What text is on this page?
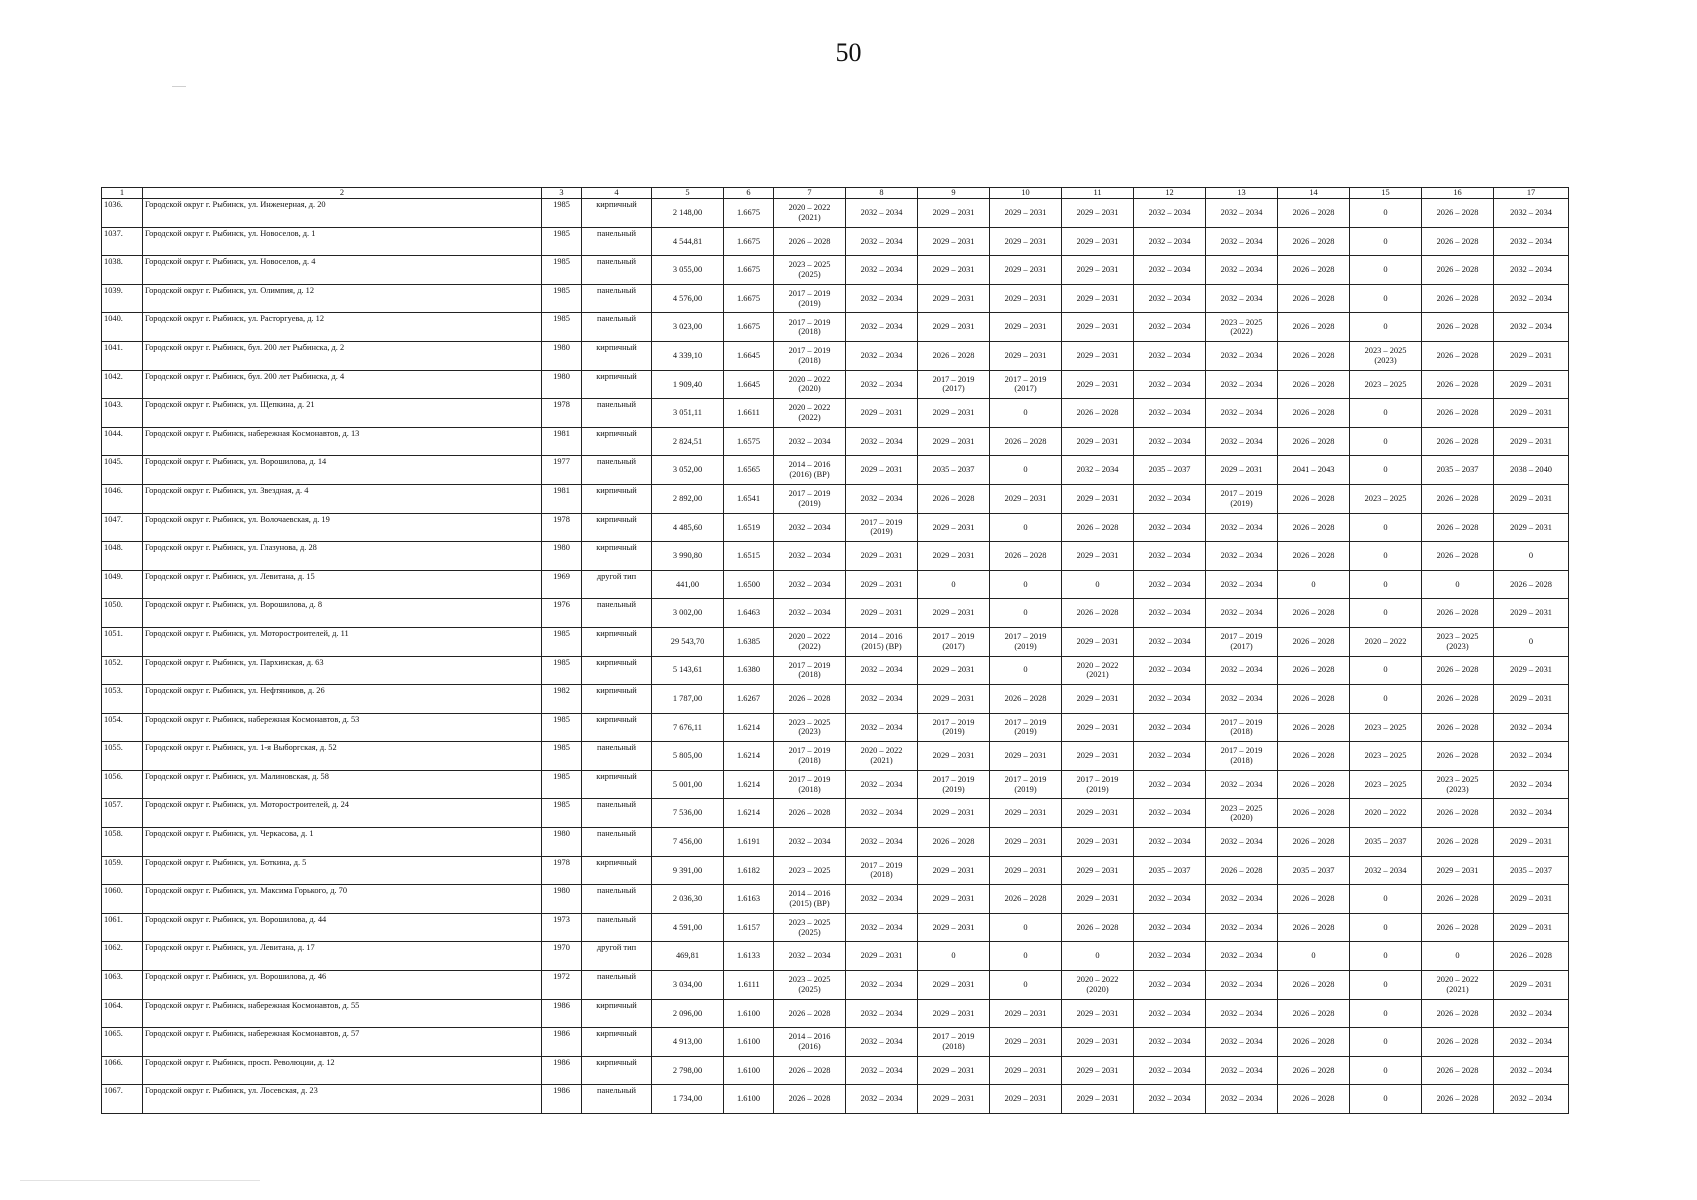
50
1	2	3	4	5	6	7	8	9	10	11	12	13	14	15	16	17
1036.	Городской округ г. Рыбинск, ул. Инженерная, д. 20	1985	кирпичный	2 148,00	1.6675	2020 – 2022
(2021)	2032 – 2034	2029 – 2031	2029 – 2031	2029 – 2031	2032 – 2034	2032 – 2034	2026 – 2028	0	2026 – 2028	2032 – 2034
1037.	Городской округ г. Рыбинск, ул. Новоселов, д. 1	1985	панельный	4 544,81	1.6675	2026 – 2028	2032 – 2034	2029 – 2031	2029 – 2031	2029 – 2031	2032 – 2034	2032 – 2034	2026 – 2028	0	2026 – 2028	2032 – 2034
1038.	Городской округ г. Рыбинск, ул. Новоселов, д. 4	1985	панельный	3 055,00	1.6675	2023 – 2025
(2025)	2032 – 2034	2029 – 2031	2029 – 2031	2029 – 2031	2032 – 2034	2032 – 2034	2026 – 2028	0	2026 – 2028	2032 – 2034
1039.	Городской округ г. Рыбинск, ул. Олимпия, д. 12	1985	панельный	4 576,00	1.6675	2017 – 2019
(2019)	2032 – 2034	2029 – 2031	2029 – 2031	2029 – 2031	2032 – 2034	2032 – 2034	2026 – 2028	0	2026 – 2028	2032 – 2034
1040.	Городской округ г. Рыбинск, ул. Расторгуева, д. 12	1985	панельный	3 023,00	1.6675	2017 – 2019
(2018)	2032 – 2034	2029 – 2031	2029 – 2031	2029 – 2031	2032 – 2034	2023 – 2025
(2022)	2026 – 2028	0	2026 – 2028	2032 – 2034
1041.	Городской округ г. Рыбинск, бул. 200 лет Рыбинска, д. 2	1980	кирпичный	4 339,10	1.6645	2017 – 2019
(2018)	2032 – 2034	2026 – 2028	2029 – 2031	2029 – 2031	2032 – 2034	2032 – 2034	2026 – 2028	2023 – 2025
(2023)	2026 – 2028	2029 – 2031
1042.	Городской округ г. Рыбинск, бул. 200 лет Рыбинска, д. 4	1980	кирпичный	1 909,40	1.6645	2020 – 2022
(2020)	2032 – 2034	2017 – 2019
(2017)	2017 – 2019
(2017)	2029 – 2031	2032 – 2034	2032 – 2034	2026 – 2028	2023 – 2025	2026 – 2028	2029 – 2031
1043.	Городской округ г. Рыбинск, ул. Щепкина, д. 21	1978	панельный	3 051,11	1.6611	2020 – 2022
(2022)	2029 – 2031	2029 – 2031	0	2026 – 2028	2032 – 2034	2032 – 2034	2026 – 2028	0	2026 – 2028	2029 – 2031
1044.	Городской округ г. Рыбинск, набережная Космонавтов, д. 13	1981	кирпичный	2 824,51	1.6575	2032 – 2034	2032 – 2034	2029 – 2031	2026 – 2028	2029 – 2031	2032 – 2034	2032 – 2034	2026 – 2028	0	2026 – 2028	2029 – 2031
1045.	Городской округ г. Рыбинск, ул. Ворошилова, д. 14	1977	панельный	3 052,00	1.6565	2014 – 2016
(2016) (ВР)	2029 – 2031	2035 – 2037	0	2032 – 2034	2035 – 2037	2029 – 2031	2041 – 2043	0	2035 – 2037	2038 – 2040
1046.	Городской округ г. Рыбинск, ул. Звездная, д. 4	1981	кирпичный	2 892,00	1.6541	2017 – 2019
(2019)	2032 – 2034	2026 – 2028	2029 – 2031	2029 – 2031	2032 – 2034	2017 – 2019
(2019)	2026 – 2028	2023 – 2025	2026 – 2028	2029 – 2031
1047.	Городской округ г. Рыбинск, ул. Волочаевская, д. 19	1978	кирпичный	4 485,60	1.6519	2032 – 2034	2017 – 2019
(2019)	2029 – 2031	0	2026 – 2028	2032 – 2034	2032 – 2034	2026 – 2028	0	2026 – 2028	2029 – 2031
1048.	Городской округ г. Рыбинск, ул. Глазунова, д. 28	1980	кирпичный	3 990,80	1.6515	2032 – 2034	2029 – 2031	2029 – 2031	2026 – 2028	2029 – 2031	2032 – 2034	2032 – 2034	2026 – 2028	0	2026 – 2028	0
1049.	Городской округ г. Рыбинск, ул. Левитана, д. 15	1969	другой тип	441,00	1.6500	2032 – 2034	2029 – 2031	0	0	0	2032 – 2034	2032 – 2034	0	0	0	2026 – 2028
1050.	Городской округ г. Рыбинск, ул. Ворошилова, д. 8	1976	панельный	3 002,00	1.6463	2032 – 2034	2029 – 2031	2029 – 2031	0	2026 – 2028	2032 – 2034	2032 – 2034	2026 – 2028	0	2026 – 2028	2029 – 2031
1051.	Городской округ г. Рыбинск, ул. Моторостроителей, д. 11	1985	кирпичный	29 543,70	1.6385	2020 – 2022
(2022)	2014 – 2016
(2015) (ВР)	2017 – 2019
(2017)	2017 – 2019
(2019)	2029 – 2031	2032 – 2034	2017 – 2019
(2017)	2026 – 2028	2020 – 2022	2023 – 2025
(2023)	0
1052.	Городской округ г. Рыбинск, ул. Пархинская, д. 63	1985	кирпичный	5 143,61	1.6380	2017 – 2019
(2018)	2032 – 2034	2029 – 2031	0	2020 – 2022
(2021)	2032 – 2034	2032 – 2034	2026 – 2028	0	2026 – 2028	2029 – 2031
1053.	Городской округ г. Рыбинск, ул. Нефтяников, д. 26	1982	кирпичный	1 787,00	1.6267	2026 – 2028	2032 – 2034	2029 – 2031	2026 – 2028	2029 – 2031	2032 – 2034	2032 – 2034	2026 – 2028	0	2026 – 2028	2029 – 2031
1054.	Городской округ г. Рыбинск, набережная Космонавтов, д. 53	1985	кирпичный	7 676,11	1.6214	2023 – 2025
(2023)	2032 – 2034	2017 – 2019
(2019)	2017 – 2019
(2019)	2029 – 2031	2032 – 2034	2017 – 2019
(2018)	2026 – 2028	2023 – 2025	2026 – 2028	2032 – 2034
1055.	Городской округ г. Рыбинск, ул. 1-я Выборгская, д. 52	1985	панельный	5 805,00	1.6214	2017 – 2019
(2018)	2020 – 2022
(2021)	2029 – 2031	2029 – 2031	2029 – 2031	2032 – 2034	2017 – 2019
(2018)	2026 – 2028	2023 – 2025	2026 – 2028	2032 – 2034
1056.	Городской округ г. Рыбинск, ул. Малиновская, д. 58	1985	кирпичный	5 001,00	1.6214	2017 – 2019
(2018)	2032 – 2034	2017 – 2019
(2019)	2017 – 2019
(2019)	2017 – 2019
(2019)	2032 – 2034	2032 – 2034	2026 – 2028	2023 – 2025	2023 – 2025
(2023)	2032 – 2034
1057.	Городской округ г. Рыбинск, ул. Моторостроителей, д. 24	1985	панельный	7 536,00	1.6214	2026 – 2028	2032 – 2034	2029 – 2031	2029 – 2031	2029 – 2031	2032 – 2034	2023 – 2025
(2020)	2026 – 2028	2020 – 2022	2026 – 2028	2032 – 2034
1058.	Городской округ г. Рыбинск, ул. Черкасова, д. 1	1980	панельный	7 456,00	1.6191	2032 – 2034	2032 – 2034	2026 – 2028	2029 – 2031	2029 – 2031	2032 – 2034	2032 – 2034	2026 – 2028	2035 – 2037	2026 – 2028	2029 – 2031
1059.	Городской округ г. Рыбинск, ул. Боткина, д. 5	1978	кирпичный	9 391,00	1.6182	2023 – 2025	2017 – 2019
(2018)	2029 – 2031	2029 – 2031	2029 – 2031	2035 – 2037	2026 – 2028	2035 – 2037	2032 – 2034	2029 – 2031	2035 – 2037
1060.	Городской округ г. Рыбинск, ул. Максима Горького, д. 70	1980	панельный	2 036,30	1.6163	2014 – 2016
(2015) (ВР)	2032 – 2034	2029 – 2031	2026 – 2028	2029 – 2031	2032 – 2034	2032 – 2034	2026 – 2028	0	2026 – 2028	2029 – 2031
1061.	Городской округ г. Рыбинск, ул. Ворошилова, д. 44	1973	панельный	4 591,00	1.6157	2023 – 2025
(2025)	2032 – 2034	2029 – 2031	0	2026 – 2028	2032 – 2034	2032 – 2034	2026 – 2028	0	2026 – 2028	2029 – 2031
1062.	Городской округ г. Рыбинск, ул. Левитана, д. 17	1970	другой тип	469,81	1.6133	2032 – 2034	2029 – 2031	0	0	0	2032 – 2034	2032 – 2034	0	0	0	2026 – 2028
1063.	Городской округ г. Рыбинск, ул. Ворошилова, д. 46	1972	панельный	3 034,00	1.6111	2023 – 2025
(2025)	2032 – 2034	2029 – 2031	0	2020 – 2022
(2020)	2032 – 2034	2032 – 2034	2026 – 2028	0	2020 – 2022
(2021)	2029 – 2031
1064.	Городской округ г. Рыбинск, набережная Космонавтов, д. 55	1986	кирпичный	2 096,00	1.6100	2026 – 2028	2032 – 2034	2029 – 2031	2029 – 2031	2029 – 2031	2032 – 2034	2032 – 2034	2026 – 2028	0	2026 – 2028	2032 – 2034
1065.	Городской округ г. Рыбинск, набережная Космонавтов, д. 57	1986	кирпичный	4 913,00	1.6100	2014 – 2016
(2016)	2032 – 2034	2017 – 2019
(2018)	2029 – 2031	2029 – 2031	2032 – 2034	2032 – 2034	2026 – 2028	0	2026 – 2028	2032 – 2034
1066.	Городской округ г. Рыбинск, просп. Революции, д. 12	1986	кирпичный	2 798,00	1.6100	2026 – 2028	2032 – 2034	2029 – 2031	2029 – 2031	2029 – 2031	2032 – 2034	2032 – 2034	2026 – 2028	0	2026 – 2028	2032 – 2034
1067.	Городской округ г. Рыбинск, ул. Лосевская, д. 23	1986	панельный	1 734,00	1.6100	2026 – 2028	2032 – 2034	2029 – 2031	2029 – 2031	2029 – 2031	2032 – 2034	2032 – 2034	2026 – 2028	0	2026 – 2028	2032 – 2034
